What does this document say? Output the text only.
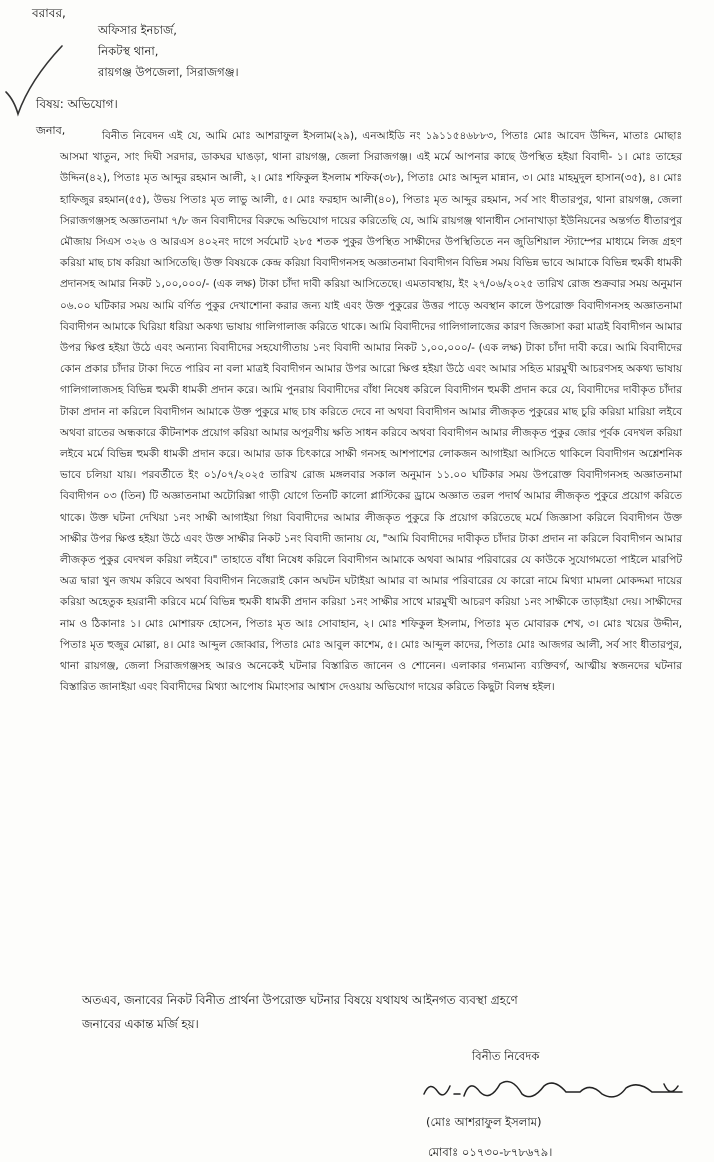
বরাবর,
অফিসার ইনচার্জ,
নিকটস্থ থানা,
রায়গঞ্জ উপজেলা, সিরাজগঞ্জ।
বিষয়: অভিযোগ।
জনাব,	বিনীত নিবেদন এই যে, আমি মোঃ আশরাফুল ইসলাম(২৯), এনআইডি নং ১৯১১৫৪৬৮৮৩, পিতাঃ মোঃ আবেদ উদ্দিন, মাতাঃ মোছাঃ আসমা খাতুন, সাং দিঘী সরদার, ডাকঘর ঘাঙড়া, থানা রায়গঞ্জ, জেলা সিরাজগঞ্জ। এই মর্মে আপনার কাছে উপস্থিত হইয়া বিবাদী- ১। মোঃ তাহের উদ্দিন(৪২), পিতাঃ মৃত আব্দুর রহমান আলী, ২। মোঃ শফিকুল ইসলাম শফিক(৩৮), পিতাঃ মোঃ আব্দুল মান্নান, ৩। মোঃ মাহমুদুল হাসান(৩৫), ৪। মোঃ হাফিজুর রহমান(৫৫), উভয় পিতাঃ মৃত লাভু আলী, ৫। মোঃ ফরহাদ আলী(৪০), পিতাঃ মৃত আব্দুর রহমান, সর্ব সাং ধীতারপুর, থানা রায়গঞ্জ, জেলা সিরাজগঞ্জসহ অজ্ঞাতনামা ৭/৮ জন বিবাদীদের বিরুদ্ধে অভিযোগ দায়ের করিতেছি যে, আমি রায়গঞ্জ থানাধীন সোনাখাড়া ইউনিয়নের অন্তর্গত ধীতারপুর মৌজায় সিএস ৩২৬ ও আরএস ৪০২নং দাগে সর্বমোট ২৮৫ শতক পুকুর উপস্থিত সাক্ষীদের উপস্থিতিতে নন জুডিশিয়াল স্ট্যাম্পের মাধ্যমে লিজ গ্রহণ করিয়া মাছ চাষ করিয়া আসিতেছি। উক্ত বিষয়কে কেন্দ্র করিয়া বিবাদীগনসহ অজ্ঞাতনামা বিবাদীগন বিভিন্ন সময় বিভিন্ন ভাবে আমাকে বিভিন্ন হুমকী ধামকী প্রদানসহ আমার নিকট ১,০০,০০০/- (এক লক্ষ) টাকা চাঁদা দাবী করিয়া আসিতেছে। এমতাবস্থায়, ইং ২৭/০৬/২০২৫ তারিখ রোজ শুক্রবার সময় অনুমান ০৬.০০ ঘটিকার সময় আমি বর্ণিত পুকুর দেখাশোনা করার জন্য যাই এবং উক্ত পুকুরের উত্তর পাড়ে অবস্থান কালে উপরোক্ত বিবাদীগনসহ অজ্ঞাতনামা বিবাদীগন আমাকে ঘিরিয়া ধরিয়া অকথ্য ভাষায় গালিগালাজ করিতে থাকে। আমি বিবাদীদের গালিগালাজের কারণ জিজ্ঞাসা করা মাত্রই বিবাদীগন আমার উপর ক্ষিপ্ত হইয়া উঠে এবং অন্যান্য বিবাদীদের সহযোগীতায় ১নং বিবাদী আমার নিকট ১,০০,০০০/- (এক লক্ষ) টাকা চাঁদা দাবী করে। আমি বিবাদীদের কোন প্রকার চাঁদার টাকা দিতে পারিব না বলা মাত্রই বিবাদীগন আমার উপর আরো ক্ষিপ্ত হইয়া উঠে এবং আমার সহিত মারমুখী আচরণসহ অকথ্য ভাষায় গালিগালাজসহ বিভিন্ন হুমকী ধামকী প্রদান করে। আমি পুনরায় বিবাদীদের বাঁধা নিষেধ করিলে বিবাদীগন হুমকী প্রদান করে যে, বিবাদীদের দাবীকৃত চাঁদার টাকা প্রদান না করিলে বিবাদীগন আমাকে উক্ত পুকুরে মাছ চাষ করিতে দেবে না অথবা বিবাদীগন আমার লীজকৃত পুকুরের মাছ চুরি করিয়া মারিয়া লইবে অথবা রাতের অন্ধকারে কীটনাশক প্রয়োগ করিয়া আমার অপূরণীয় ক্ষতি সাধন করিবে অথবা বিবাদীগন আমার লীজকৃত পুকুর জোর পূর্বক বেদখল করিয়া লইবে মর্মে বিভিন্ন হুমকী ধামকী প্রদান করে। আমার ডাক চিৎকারে সাক্ষী গনসহ আশপাশের লোকজন আগাইয়া আসিতে থাকিলে বিবাদীগন অশ্লেশনিক ভাবে চলিয়া যায়। পরবর্তীতে ইং ০১/০৭/২০২৫ তারিখ রোজ মঙ্গলবার সকাল অনুমান ১১.০০ ঘটিকার সময় উপরোক্ত বিবাদীগনসহ অজ্ঞাতনামা বিবাদীগন ০৩ (তিন) টি অজ্ঞাতনামা অটোরিক্সা গাড়ী যোগে তিনটি কালো প্লাস্টিকের ড্রামে অজ্ঞাত তরল পদার্থ আমার লীজকৃত পুকুরে প্রয়োগ করিতে থাকে। উক্ত ঘটনা দেখিয়া ১নং সাক্ষী আগাইয়া গিয়া বিবাদীদের আমার লীজকৃত পুকুরে কি প্রয়োগ করিতেছে মর্মে জিজ্ঞাসা করিলে বিবাদীগন উক্ত সাক্ষীর উপর ক্ষিপ্ত হইয়া উঠে এবং উক্ত সাক্ষীর নিকট ১নং বিবাদী জানায় যে, "আমি বিবাদীদের দাবীকৃত চাঁদার টাকা প্রদান না করিলে বিবাদীগন আমার লীজকৃত পুকুর বেদখল করিয়া লইবে।" তাহাতে বাঁধা নিষেধ করিলে বিবাদীগন আমাকে অথবা আমার পরিবারের যে কাউকে সুযোগমতো পাইলে মারপিট অত্র দ্বারা খুন জখম করিবে অথবা বিবাদীগন নিজেরাই কোন অঘটন ঘটাইয়া আমার বা আমার পরিবারের যে কারো নামে মিথ্যা মামলা মোকদ্দমা দায়ের করিয়া অহেতুক হয়রানী করিবে মর্মে বিভিন্ন হুমকী ধামকী প্রদান করিয়া ১নং সাক্ষীর সাথে মারমুখী আচরণ করিয়া ১নং সাক্ষীকে তাড়াইয়া দেয়। সাক্ষীদের নাম ও ঠিকানাঃ ১। মোঃ মোশারফ হোসেন, পিতাঃ মৃত আঃ সোবাহান, ২। মোঃ শফিকুল ইসলাম, পিতাঃ মৃত মোবারক শেখ, ৩। মোঃ খয়ের উদ্দীন, পিতাঃ মৃত হুজুর মোল্লা, ৪। মোঃ আব্দুল জোব্বার, পিতাঃ মোঃ আবুল কাশেম, ৫। মোঃ আব্দুল কাদের, পিতাঃ মোঃ আজগর আলী, সর্ব সাং ধীতারপুর, থানা রায়গঞ্জ, জেলা সিরাজগঞ্জসহ আরও অনেকেই ঘটনার বিস্তারিত জানেন ও শোনেন। এলাকার গন্যমান্য ব্যক্তিবর্গ, আত্মীয় স্বজনদের ঘটনার বিস্তারিত জানাইয়া এবং বিবাদীদের মিথ্যা আপোষ মিমাংসার আশ্বাস দেওয়ায় অভিযোগ দায়ের করিতে কিছুটা বিলম্ব হইল।
অতএব, জনাবের নিকট বিনীত প্রার্থনা উপরোক্ত ঘটনার বিষয়ে যথাযথ আইনগত ব্যবস্থা গ্রহণে
জনাবের একান্ত মর্জি হয়।
বিনীত নিবেদক
(মোঃ আশরাফুল ইসলাম)
মোবাঃ ০১৭৩০-৮৭৮৬৭৯।
